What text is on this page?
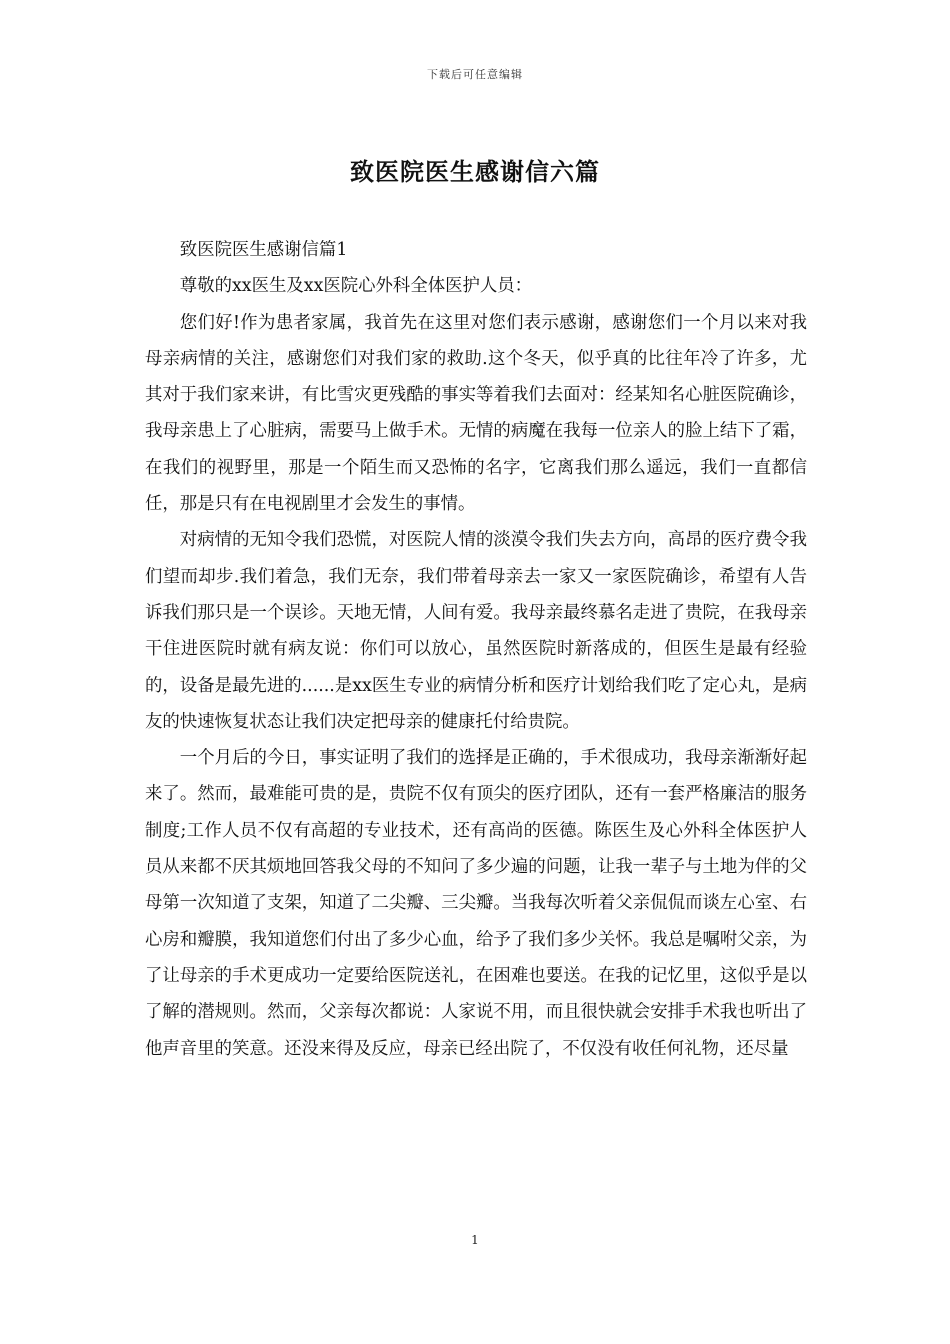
下载后可任意编辑
致医院医生感谢信六篇

致医院医生感谢信篇1

尊敬的xx医生及xx医院心外科全体医护人员：

您们好!作为患者家属，我首先在这里对您们表示感谢，感谢您们一个月以来对我母亲病情的关注，感谢您们对我们家的救助.这个冬天，似乎真的比往年冷了许多，尤其对于我们家来讲，有比雪灾更残酷的事实等着我们去面对：经某知名心脏医院确诊，我母亲患上了心脏病，需要马上做手术。无情的病魔在我每一位亲人的脸上结下了霜，在我们的视野里，那是一个陌生而又恐怖的名字，它离我们那么遥远，我们一直都信任，那是只有在电视剧里才会发生的事情。

对病情的无知令我们恐慌，对医院人情的淡漠令我们失去方向，高昂的医疗费令我们望而却步.我们着急，我们无奈，我们带着母亲去一家又一家医院确诊，希望有人告诉我们那只是一个误诊。天地无情，人间有爱。我母亲最终慕名走进了贵院，在我母亲干住进医院时就有病友说：你们可以放心，虽然医院时新落成的，但医生是最有经验的，设备是最先进的......是xx医生专业的病情分析和医疗计划给我们吃了定心丸，是病友的快速恢复状态让我们决定把母亲的健康托付给贵院。

一个月后的今日，事实证明了我们的选择是正确的，手术很成功，我母亲渐渐好起来了。然而，最难能可贵的是，贵院不仅有顶尖的医疗团队，还有一套严格廉洁的服务制度;工作人员不仅有高超的专业技术，还有高尚的医德。陈医生及心外科全体医护人员从来都不厌其烦地回答我父母的不知问了多少遍的问题，让我一辈子与土地为伴的父母第一次知道了支架，知道了二尖瓣、三尖瓣。当我每次听着父亲侃侃而谈左心室、右心房和瓣膜，我知道您们付出了多少心血，给予了我们多少关怀。我总是嘱咐父亲，为了让母亲的手术更成功一定要给医院送礼，在困难也要送。在我的记忆里，这似乎是以了解的潜规则。然而，父亲每次都说：人家说不用，而且很快就会安排手术我也听出了他声音里的笑意。还没来得及反应，母亲已经出院了，不仅没有收任何礼物，还尽量

1
